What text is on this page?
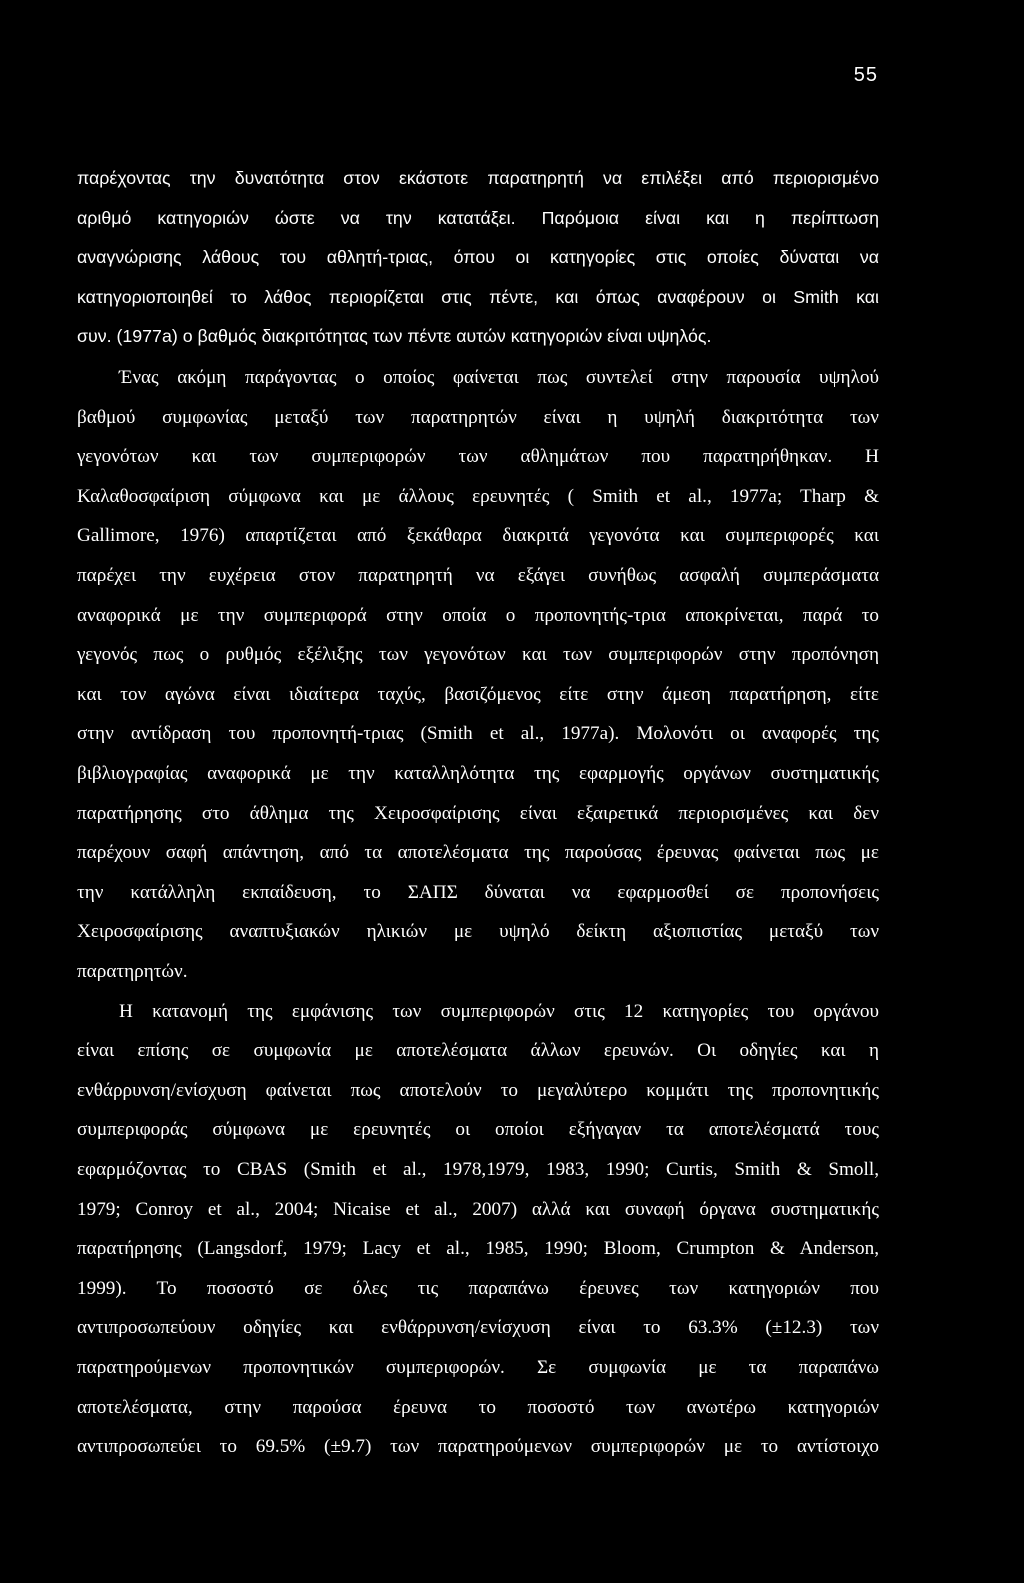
55
παρέχοντας την δυνατότητα στον εκάστοτε παρατηρητή να επιλέξει από περιορισμένο
αριθμό κατηγοριών ώστε να την κατατάξει. Παρόμοια είναι και η περίπτωση
αναγνώρισης λάθους του αθλητή-τριας, όπου οι κατηγορίες στις οποίες δύναται να
κατηγοριοποιηθεί το λάθος περιορίζεται στις πέντε, και όπως αναφέρουν οι Smith και
συν. (1977a) ο βαθμός διακριτότητας των πέντε αυτών κατηγοριών είναι υψηλός.
Ένας ακόμη παράγοντας ο οποίος φαίνεται πως συντελεί στην παρουσία υψηλού
βαθμού συμφωνίας μεταξύ των παρατηρητών είναι η υψηλή διακριτότητα των
γεγονότων και των συμπεριφορών των αθλημάτων που παρατηρήθηκαν. Η
Καλαθοσφαίριση σύμφωνα και με άλλους ερευνητές ( Smith et al., 1977a; Tharp &
Gallimore, 1976) απαρτίζεται από ξεκάθαρα διακριτά γεγονότα και συμπεριφορές και
παρέχει την ευχέρεια στον παρατηρητή να εξάγει συνήθως ασφαλή συμπεράσματα
αναφορικά με την συμπεριφορά στην οποία ο προπονητής-τρια αποκρίνεται, παρά το
γεγονός πως ο ρυθμός εξέλιξης των γεγονότων και των συμπεριφορών στην προπόνηση
και τον αγώνα είναι ιδιαίτερα ταχύς, βασιζόμενος είτε στην άμεση παρατήρηση, είτε
στην αντίδραση του προπονητή-τριας (Smith et al., 1977a). Μολονότι οι αναφορές της
βιβλιογραφίας αναφορικά με την καταλληλότητα της εφαρμογής οργάνων συστηματικής
παρατήρησης στο άθλημα της Χειροσφαίρισης είναι εξαιρετικά περιορισμένες και δεν
παρέχουν σαφή απάντηση, από τα αποτελέσματα της παρούσας έρευνας φαίνεται πως με
την κατάλληλη εκπαίδευση, το ΣΑΠΣ δύναται να εφαρμοσθεί σε προπονήσεις
Χειροσφαίρισης αναπτυξιακών ηλικιών με υψηλό δείκτη αξιοπιστίας μεταξύ των
παρατηρητών.
Η κατανομή της εμφάνισης των συμπεριφορών στις 12 κατηγορίες του οργάνου
είναι επίσης σε συμφωνία με αποτελέσματα άλλων ερευνών. Οι οδηγίες και η
ενθάρρυνση/ενίσχυση φαίνεται πως αποτελούν το μεγαλύτερο κομμάτι της προπονητικής
συμπεριφοράς σύμφωνα με ερευνητές οι οποίοι εξήγαγαν τα αποτελέσματά τους
εφαρμόζοντας το CBAS (Smith et al., 1978,1979, 1983, 1990; Curtis, Smith & Smoll,
1979; Conroy et al., 2004; Nicaise et al., 2007) αλλά και συναφή όργανα συστηματικής
παρατήρησης (Langsdorf, 1979; Lacy et al., 1985, 1990; Bloom, Crumpton & Anderson,
1999). Το ποσοστό σε όλες τις παραπάνω έρευνες των κατηγοριών που
αντιπροσωπεύουν οδηγίες και ενθάρρυνση/ενίσχυση είναι το 63.3% (±12.3) των
παρατηρούμενων προπονητικών συμπεριφορών. Σε συμφωνία με τα παραπάνω
αποτελέσματα, στην παρούσα έρευνα το ποσοστό των ανωτέρω κατηγοριών
αντιπροσωπεύει το 69.5% (±9.7) των παρατηρούμενων συμπεριφορών με το αντίστοιχο
